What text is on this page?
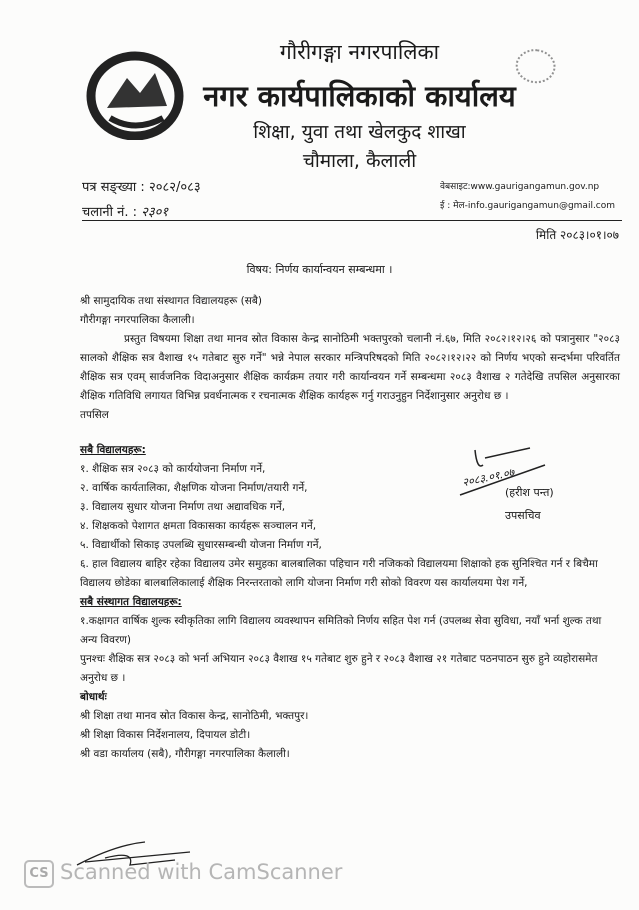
गौरीगङ्गा नगरपालिका
नगर कार्यपालिकाको कार्यालय
शिक्षा, युवा तथा खेलकुद शाखा
चौमाला, कैलाली
पत्र सङ्ख्या : २०८२/०८३
चलानी नं. : २३०१
वेबसाइट:www.gaurigangamun.gov.np
ई : मेल-info.gaurigangamun@gmail.com
मिति २०८३।०१।०७
विषय: निर्णय कार्यान्वयन सम्बन्धमा ।
श्री सामुदायिक तथा संस्थागत विद्यालयहरू (सबै)
गौरीगङ्गा नगरपालिका कैलाली।
प्रस्तुत विषयमा शिक्षा तथा मानव स्रोत विकास केन्द्र सानोठिमी भक्तपुरको चलानी नं.६७, मिति २०८२।१२।२६ को पत्रानुसार "२०८३ सालको शैक्षिक सत्र वैशाख १५ गतेबाट सुरु गर्ने" भन्ने नेपाल सरकार मन्त्रिपरिषदको मिति २०८२।१२।२२ को निर्णय भएको सन्दर्भमा परिवर्तित शैक्षिक सत्र एवम् सार्वजनिक विदाअनुसार शैक्षिक कार्यक्रम तयार गरी कार्यान्वयन गर्ने सम्बन्धमा २०८३ वैशाख २ गतेदेखि तपसिल अनुसारका शैक्षिक गतिविधि लगायत विभिन्न प्रवर्धनात्मक र रचनात्मक शैक्षिक कार्यहरू गर्नु गराउनुहुन निर्देशानुसार अनुरोध छ ।
तपसिल
सबै विद्यालयहरू:
१. शैक्षिक सत्र २०८३ को कार्ययोजना निर्माण गर्ने,
२. वार्षिक कार्यतालिका, शैक्षणिक योजना निर्माण/तयारी गर्ने,
३. विद्यालय सुधार योजना निर्माण तथा अद्यावधिक गर्ने,
४. शिक्षकको पेशागत क्षमता विकासका कार्यहरू सञ्चालन गर्ने,
५. विद्यार्थीको सिकाइ उपलब्धि सुधारसम्बन्धी योजना निर्माण गर्ने,
६. हाल विद्यालय बाहिर रहेका विद्यालय उमेर समुहका बालबालिका पहिचान गरी नजिकको विद्यालयमा शिक्षाको हक सुनिश्चित गर्न र बिचैमा विद्यालय छोडेका बालबालिकालाई शैक्षिक निरन्तरताको लागि योजना निर्माण गरी सोको विवरण यस कार्यालयमा पेश गर्ने,
सबै संस्थागत विद्यालयहरू:
१.कक्षागत वार्षिक शुल्क स्वीकृतिका लागि विद्यालय व्यवस्थापन समितिको निर्णय सहित पेश गर्न (उपलब्ध सेवा सुविधा, नयाँ भर्ना शुल्क तथा अन्य विवरण)
पुनश्चः शैक्षिक सत्र २०८३ को भर्ना अभियान २०८३ वैशाख १५ गतेबाट शुरु हुने र २०८३ वैशाख २१ गतेबाट पठनपाठन सुरु हुने व्यहोरासमेत अनुरोध छ ।
बोधार्थः
श्री शिक्षा तथा मानव स्रोत विकास केन्द्र, सानोठिमी, भक्तपुर।
श्री शिक्षा विकास निर्देशनालय, दिपायल डोटी।
श्री वडा कार्यालय (सबै), गौरीगङ्गा नगरपालिका कैलाली।
२०८३.०१.०७
(हरीश पन्त)
उपसचिव
CS Scanned with CamScanner
